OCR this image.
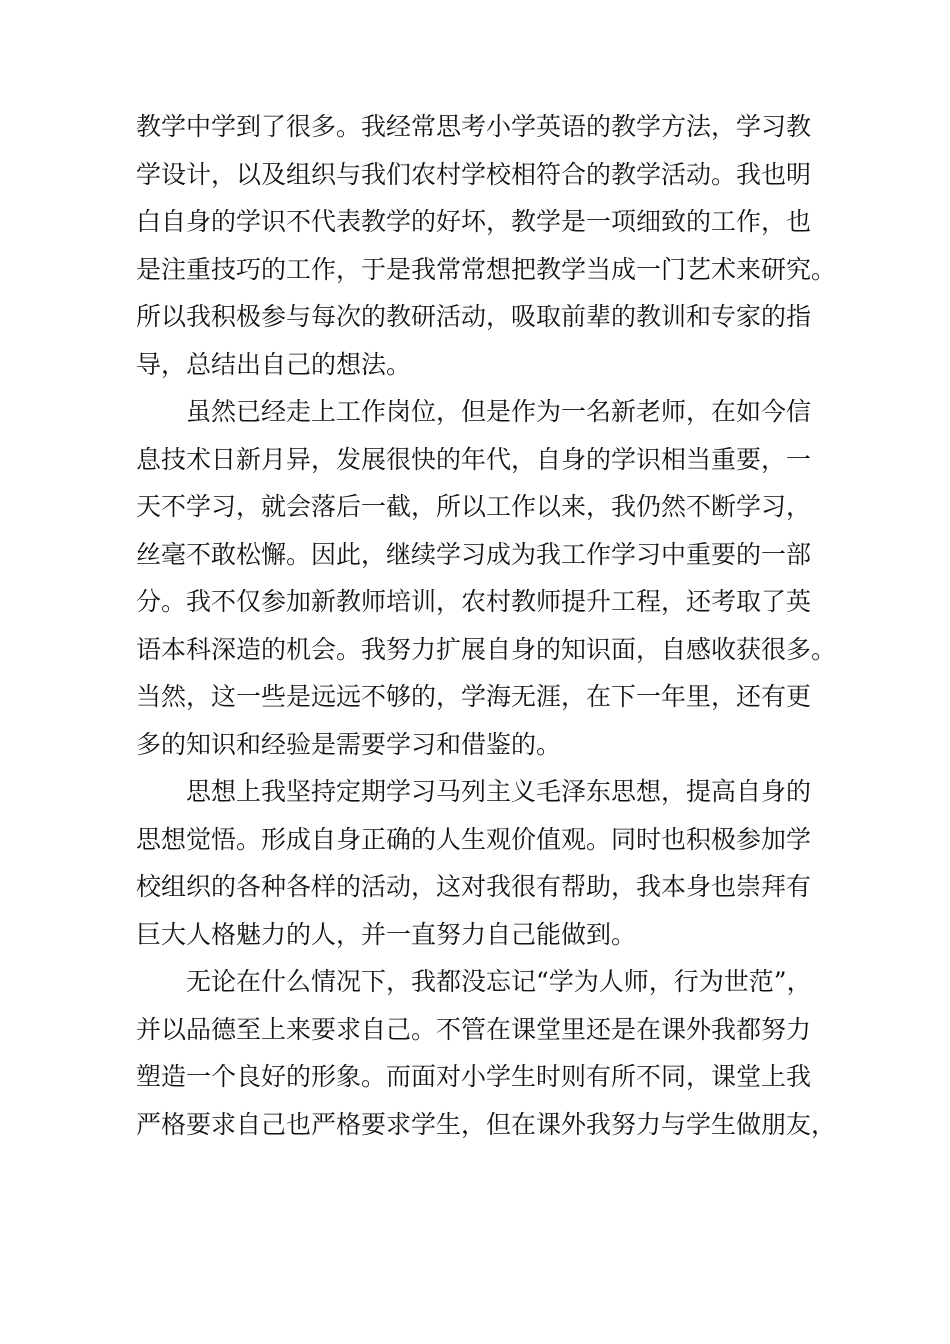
教学中学到了很多。我经常思考小学英语的教学方法，学习教
学设计，以及组织与我们农村学校相符合的教学活动。我也明
白自身的学识不代表教学的好坏，教学是一项细致的工作，也
是注重技巧的工作，于是我常常想把教学当成一门艺术来研究。
所以我积极参与每次的教研活动，吸取前辈的教训和专家的指
导，总结出自己的想法。

虽然已经走上工作岗位，但是作为一名新老师，在如今信
息技术日新月异，发展很快的年代，自身的学识相当重要，一
天不学习，就会落后一截，所以工作以来，我仍然不断学习，
丝毫不敢松懈。因此，继续学习成为我工作学习中重要的一部
分。我不仅参加新教师培训，农村教师提升工程，还考取了英
语本科深造的机会。我努力扩展自身的知识面，自感收获很多。
当然，这一些是远远不够的，学海无涯，在下一年里，还有更
多的知识和经验是需要学习和借鉴的。

思想上我坚持定期学习马列主义毛泽东思想，提高自身的
思想觉悟。形成自身正确的人生观价值观。同时也积极参加学
校组织的各种各样的活动，这对我很有帮助，我本身也崇拜有
巨大人格魅力的人，并一直努力自己能做到。

无论在什么情况下，我都没忘记“学为人师，行为世范”，
并以品德至上来要求自己。不管在课堂里还是在课外我都努力
塑造一个良好的形象。而面对小学生时则有所不同，课堂上我
严格要求自己也严格要求学生，但在课外我努力与学生做朋友，
